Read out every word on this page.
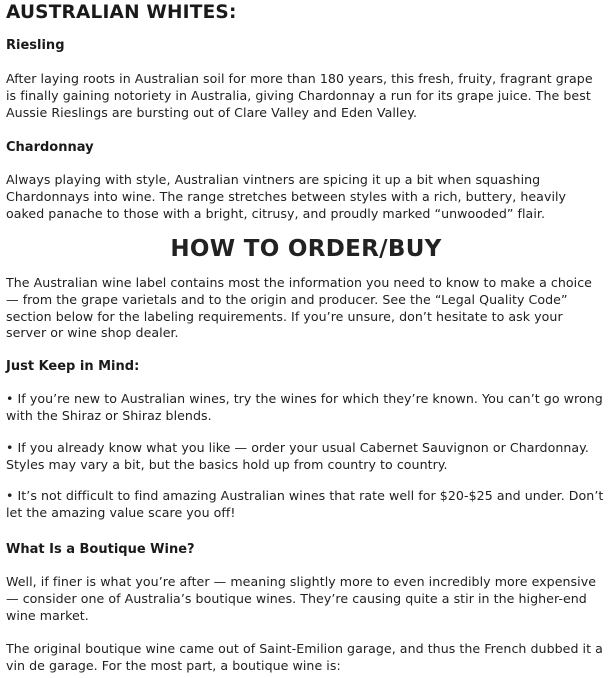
AUSTRALIAN WHITES:
Riesling

After laying roots in Australian soil for more than 180 years, this fresh, fruity, fragrant grape is finally gaining notoriety in Australia, giving Chardonnay a run for its grape juice. The best Aussie Rieslings are bursting out of Clare Valley and Eden Valley.

Chardonnay

Always playing with style, Australian vintners are spicing it up a bit when squashing Chardonnays into wine. The range stretches between styles with a rich, buttery, heavily oaked panache to those with a bright, citrusy, and proudly marked “unwooded” flair.

HOW TO ORDER/BUY

The Australian wine label contains most the information you need to know to make a choice — from the grape varietals and to the origin and producer. See the “Legal Quality Code” section below for the labeling requirements. If you’re unsure, don’t hesitate to ask your server or wine shop dealer.

Just Keep in Mind:

• If you’re new to Australian wines, try the wines for which they’re known. You can’t go wrong with the Shiraz or Shiraz blends.

• If you already know what you like — order your usual Cabernet Sauvignon or Chardonnay. Styles may vary a bit, but the basics hold up from country to country.

• It’s not difficult to find amazing Australian wines that rate well for $20-$25 and under. Don’t let the amazing value scare you off!

What Is a Boutique Wine?

Well, if finer is what you’re after — meaning slightly more to even incredibly more expensive — consider one of Australia’s boutique wines. They’re causing quite a stir in the higher-end wine market.

The original boutique wine came out of Saint-Emilion garage, and thus the French dubbed it a vin de garage. For the most part, a boutique wine is:
